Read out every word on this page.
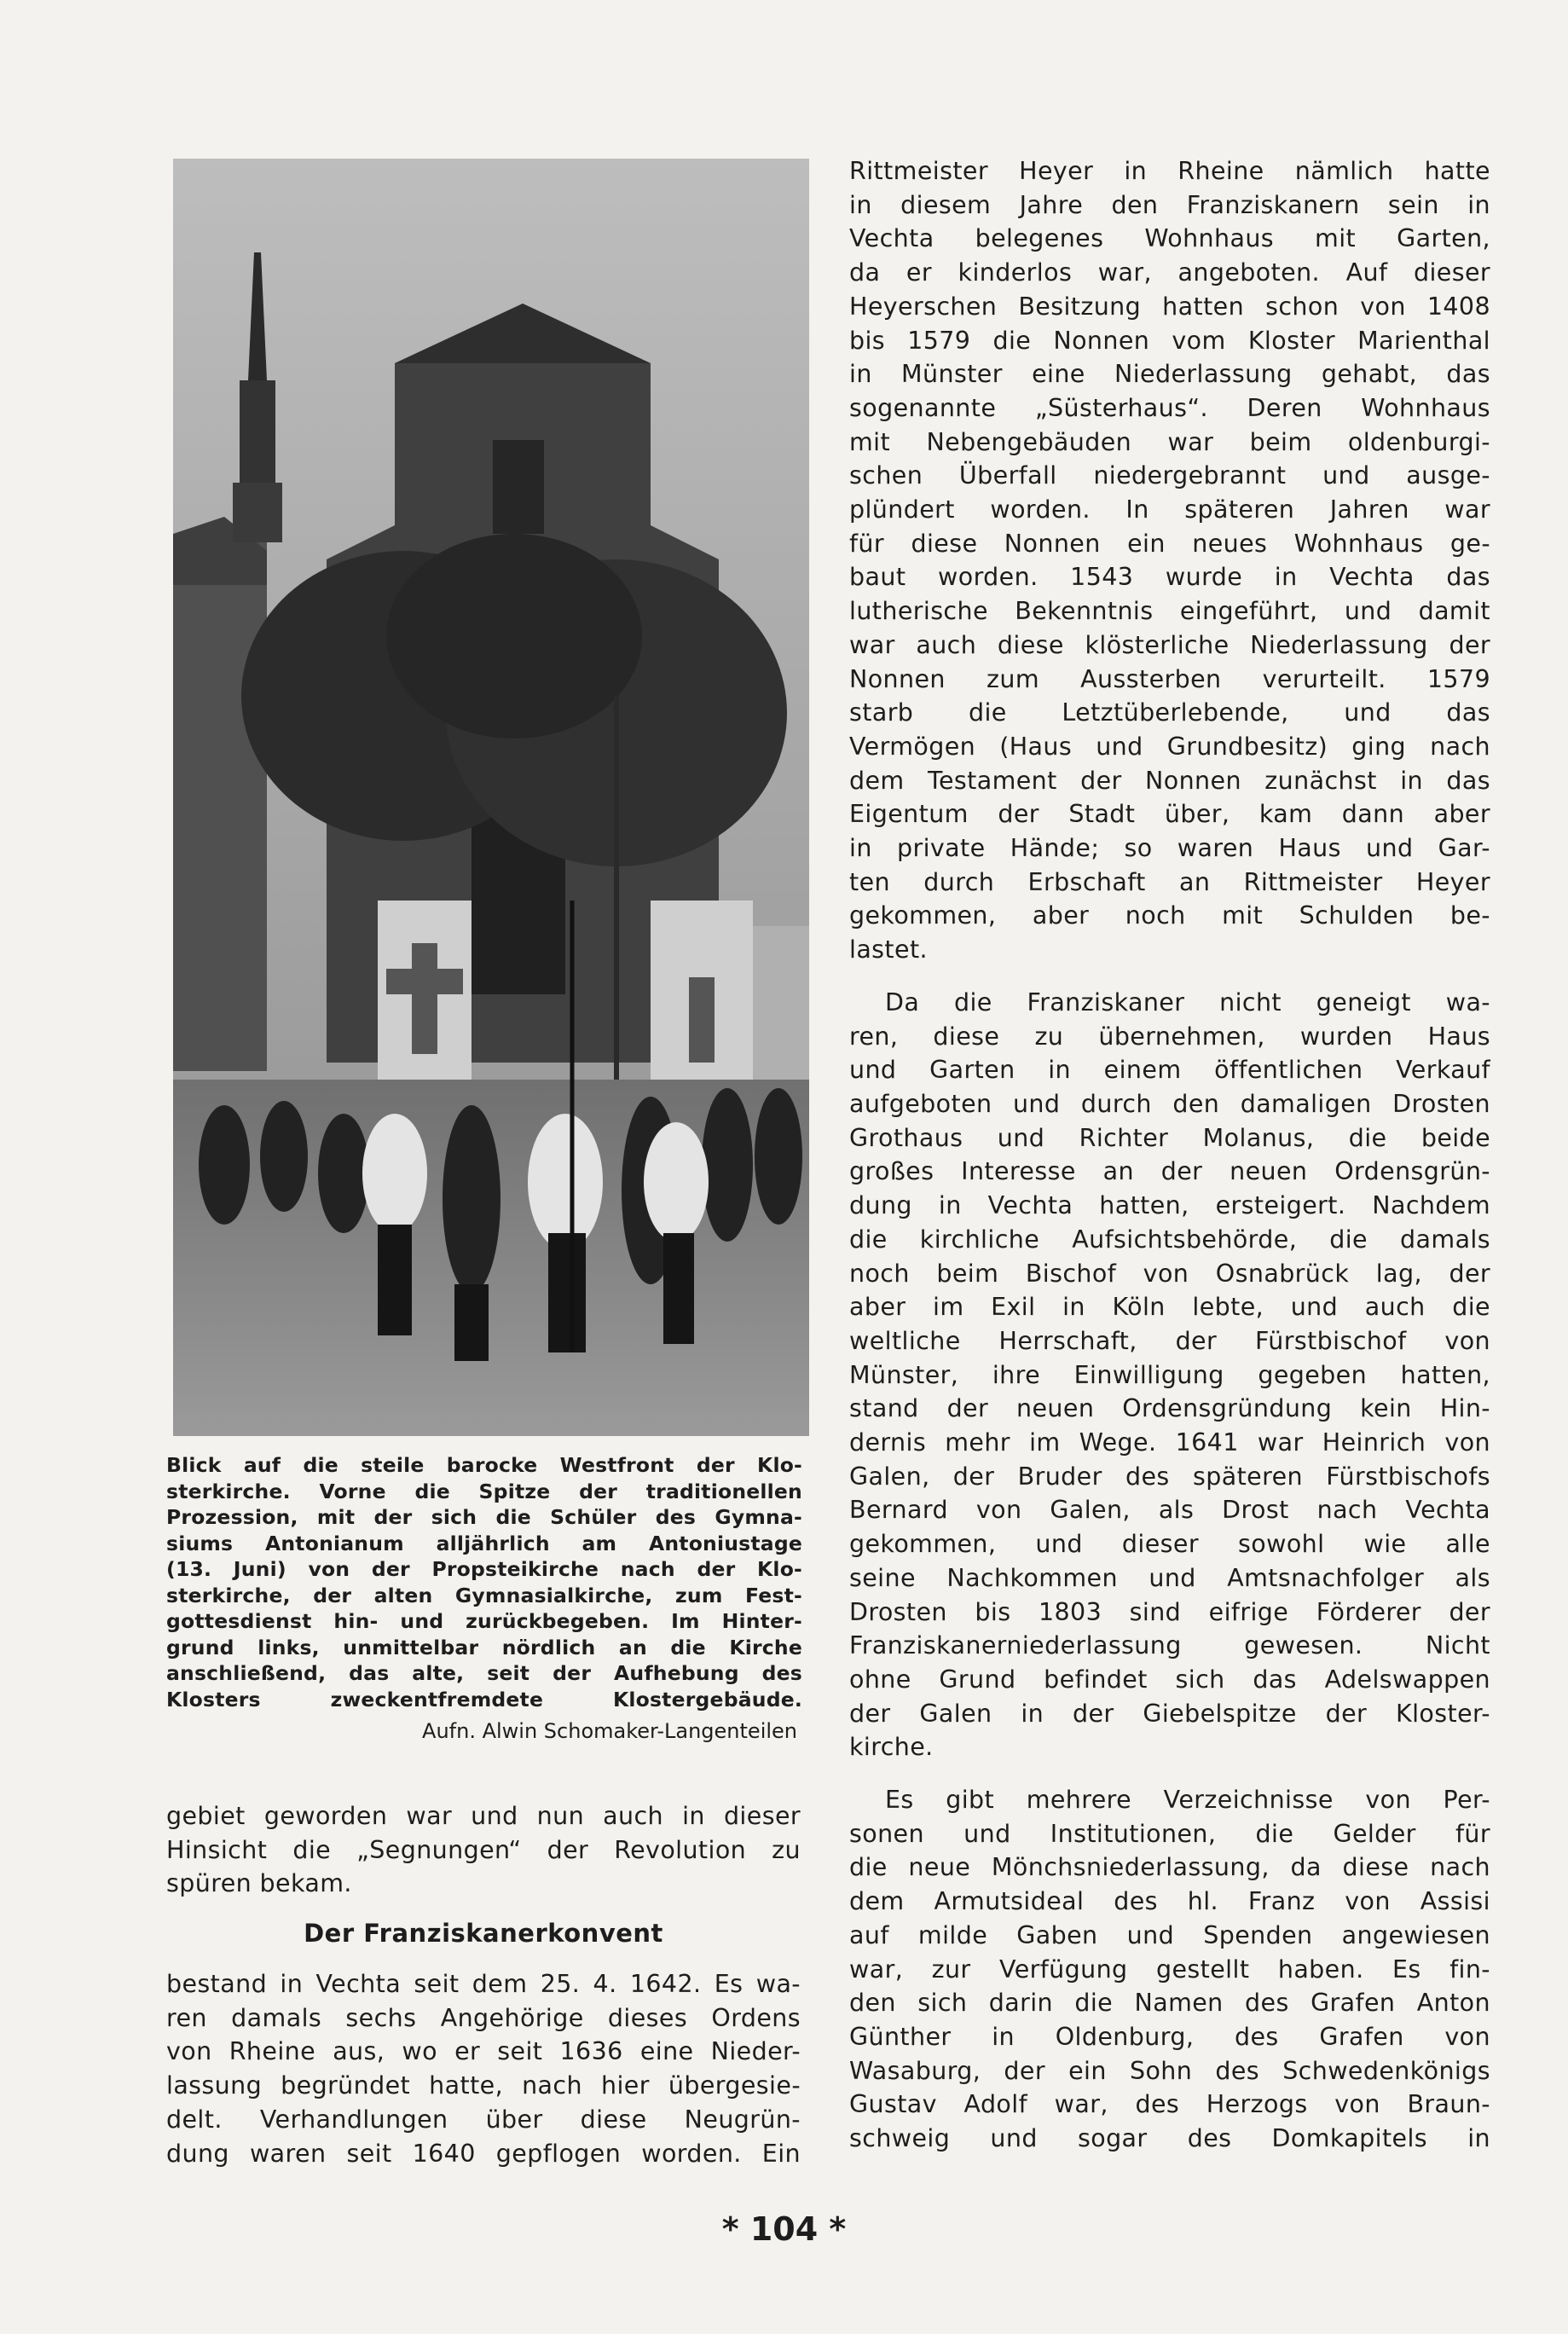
Blick auf die steile barocke Westfront der Klo-
sterkirche. Vorne die Spitze der traditionellen
Prozession, mit der sich die Schüler des Gymna-
siums Antonianum alljährlich am Antoniustage
(13. Juni) von der Propsteikirche nach der Klo-
sterkirche, der alten Gymnasialkirche, zum Fest-
gottesdienst hin- und zurückbegeben. Im Hinter-
grund links, unmittelbar nördlich an die Kirche
anschließend, das alte, seit der Aufhebung des
Klosters zweckentfremdete Klostergebäude.
Aufn. Alwin Schomaker-Langenteilen
gebiet geworden war und nun auch in dieser
Hinsicht die „Segnungen“ der Revolution zu
spüren bekam.
Der Franziskanerkonvent
bestand in Vechta seit dem 25. 4. 1642. Es wa-
ren damals sechs Angehörige dieses Ordens
von Rheine aus, wo er seit 1636 eine Nieder-
lassung begründet hatte, nach hier übergesie-
delt. Verhandlungen über diese Neugrün-
dung waren seit 1640 gepflogen worden. Ein
Rittmeister Heyer in Rheine nämlich hatte
in diesem Jahre den Franziskanern sein in
Vechta belegenes Wohnhaus mit Garten,
da er kinderlos war, angeboten. Auf dieser
Heyerschen Besitzung hatten schon von 1408
bis 1579 die Nonnen vom Kloster Marienthal
in Münster eine Niederlassung gehabt, das
sogenannte „Süsterhaus“. Deren Wohnhaus
mit Nebengebäuden war beim oldenburgi-
schen Überfall niedergebrannt und ausge-
plündert worden. In späteren Jahren war
für diese Nonnen ein neues Wohnhaus ge-
baut worden. 1543 wurde in Vechta das
lutherische Bekenntnis eingeführt, und damit
war auch diese klösterliche Niederlassung der
Nonnen zum Aussterben verurteilt. 1579
starb die Letztüberlebende, und das
Vermögen (Haus und Grundbesitz) ging nach
dem Testament der Nonnen zunächst in das
Eigentum der Stadt über, kam dann aber
in private Hände; so waren Haus und Gar-
ten durch Erbschaft an Rittmeister Heyer
gekommen, aber noch mit Schulden be-
lastet.
Da die Franziskaner nicht geneigt wa-
ren, diese zu übernehmen, wurden Haus
und Garten in einem öffentlichen Verkauf
aufgeboten und durch den damaligen Drosten
Grothaus und Richter Molanus, die beide
großes Interesse an der neuen Ordensgrün-
dung in Vechta hatten, ersteigert. Nachdem
die kirchliche Aufsichtsbehörde, die damals
noch beim Bischof von Osnabrück lag, der
aber im Exil in Köln lebte, und auch die
weltliche Herrschaft, der Fürstbischof von
Münster, ihre Einwilligung gegeben hatten,
stand der neuen Ordensgründung kein Hin-
dernis mehr im Wege. 1641 war Heinrich von
Galen, der Bruder des späteren Fürstbischofs
Bernard von Galen, als Drost nach Vechta
gekommen, und dieser sowohl wie alle
seine Nachkommen und Amtsnachfolger als
Drosten bis 1803 sind eifrige Förderer der
Franziskanerniederlassung gewesen. Nicht
ohne Grund befindet sich das Adelswappen
der Galen in der Giebelspitze der Kloster-
kirche.
Es gibt mehrere Verzeichnisse von Per-
sonen und Institutionen, die Gelder für
die neue Mönchsniederlassung, da diese nach
dem Armutsideal des hl. Franz von Assisi
auf milde Gaben und Spenden angewiesen
war, zur Verfügung gestellt haben. Es fin-
den sich darin die Namen des Grafen Anton
Günther in Oldenburg, des Grafen von
Wasaburg, der ein Sohn des Schwedenkönigs
Gustav Adolf war, des Herzogs von Braun-
schweig und sogar des Domkapitels in
* 104 *
